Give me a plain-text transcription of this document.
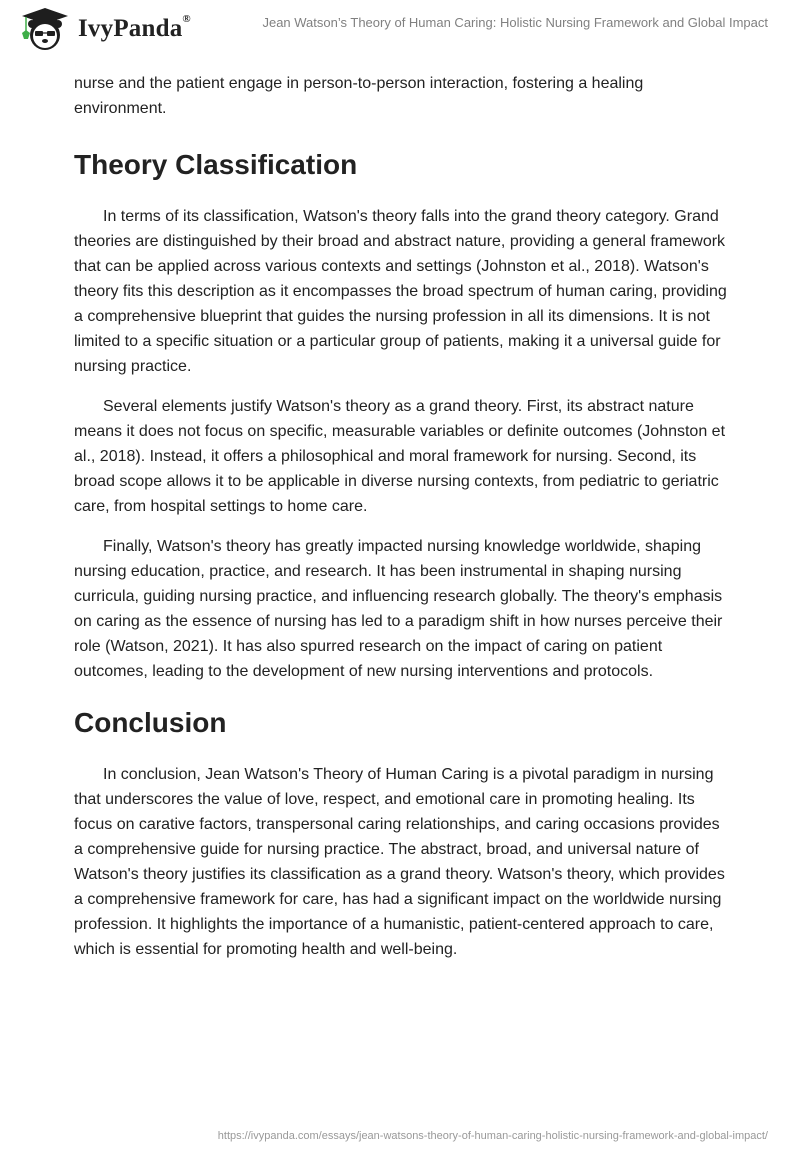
IvyPanda®	Jean Watson’s Theory of Human Caring: Holistic Nursing Framework and Global Impact

nurse and the patient engage in person-to-person interaction, fostering a healing environment.

Theory Classification

In terms of its classification, Watson's theory falls into the grand theory category. Grand theories are distinguished by their broad and abstract nature, providing a general framework that can be applied across various contexts and settings (Johnston et al., 2018). Watson's theory fits this description as it encompasses the broad spectrum of human caring, providing a comprehensive blueprint that guides the nursing profession in all its dimensions. It is not limited to a specific situation or a particular group of patients, making it a universal guide for nursing practice.

Several elements justify Watson's theory as a grand theory. First, its abstract nature means it does not focus on specific, measurable variables or definite outcomes (Johnston et al., 2018). Instead, it offers a philosophical and moral framework for nursing. Second, its broad scope allows it to be applicable in diverse nursing contexts, from pediatric to geriatric care, from hospital settings to home care.

Finally, Watson's theory has greatly impacted nursing knowledge worldwide, shaping nursing education, practice, and research. It has been instrumental in shaping nursing curricula, guiding nursing practice, and influencing research globally. The theory's emphasis on caring as the essence of nursing has led to a paradigm shift in how nurses perceive their role (Watson, 2021). It has also spurred research on the impact of caring on patient outcomes, leading to the development of new nursing interventions and protocols.

Conclusion

In conclusion, Jean Watson's Theory of Human Caring is a pivotal paradigm in nursing that underscores the value of love, respect, and emotional care in promoting healing. Its focus on carative factors, transpersonal caring relationships, and caring occasions provides a comprehensive guide for nursing practice. The abstract, broad, and universal nature of Watson's theory justifies its classification as a grand theory. Watson's theory, which provides a comprehensive framework for care, has had a significant impact on the worldwide nursing profession. It highlights the importance of a humanistic, patient-centered approach to care, which is essential for promoting health and well-being.

https://ivypanda.com/essays/jean-watsons-theory-of-human-caring-holistic-nursing-framework-and-global-impact/
